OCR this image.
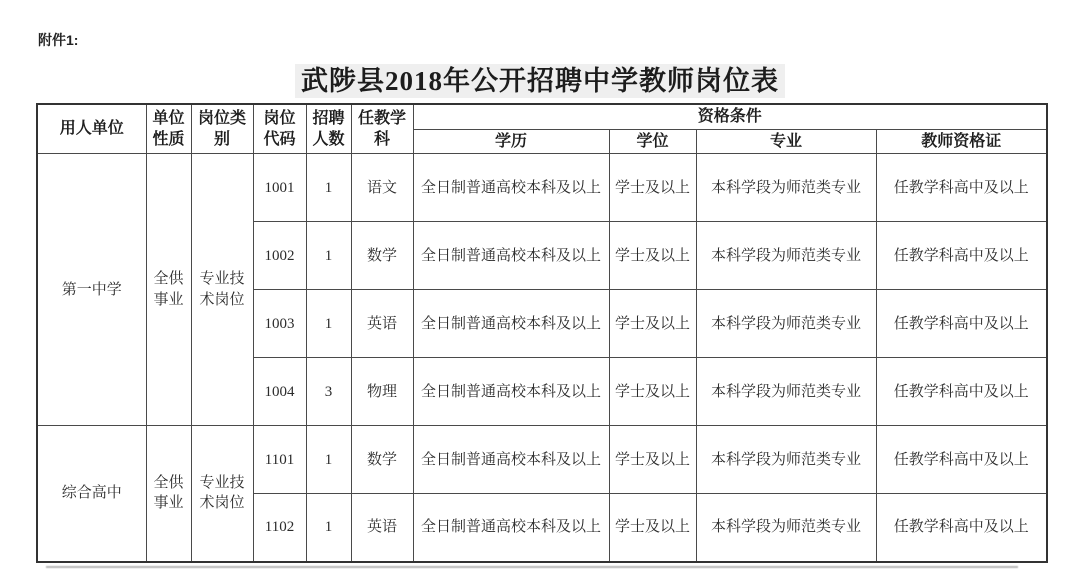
附件1:
武陟县2018年公开招聘中学教师岗位表
用人单位	单位性质	岗位类别	岗位代码	招聘人数	任教学科	资格条件			
						学历	学位	专业	教师资格证
第一中学	全供事业	专业技术岗位	1001	1	语文	全日制普通高校本科及以上	学士及以上	本科学段为师范类专业	任教学科高中及以上
			1002	1	数学	全日制普通高校本科及以上	学士及以上	本科学段为师范类专业	任教学科高中及以上
			1003	1	英语	全日制普通高校本科及以上	学士及以上	本科学段为师范类专业	任教学科高中及以上
			1004	3	物理	全日制普通高校本科及以上	学士及以上	本科学段为师范类专业	任教学科高中及以上
综合高中	全供事业	专业技术岗位	1101	1	数学	全日制普通高校本科及以上	学士及以上	本科学段为师范类专业	任教学科高中及以上
			1102	1	英语	全日制普通高校本科及以上	学士及以上	本科学段为师范类专业	任教学科高中及以上
